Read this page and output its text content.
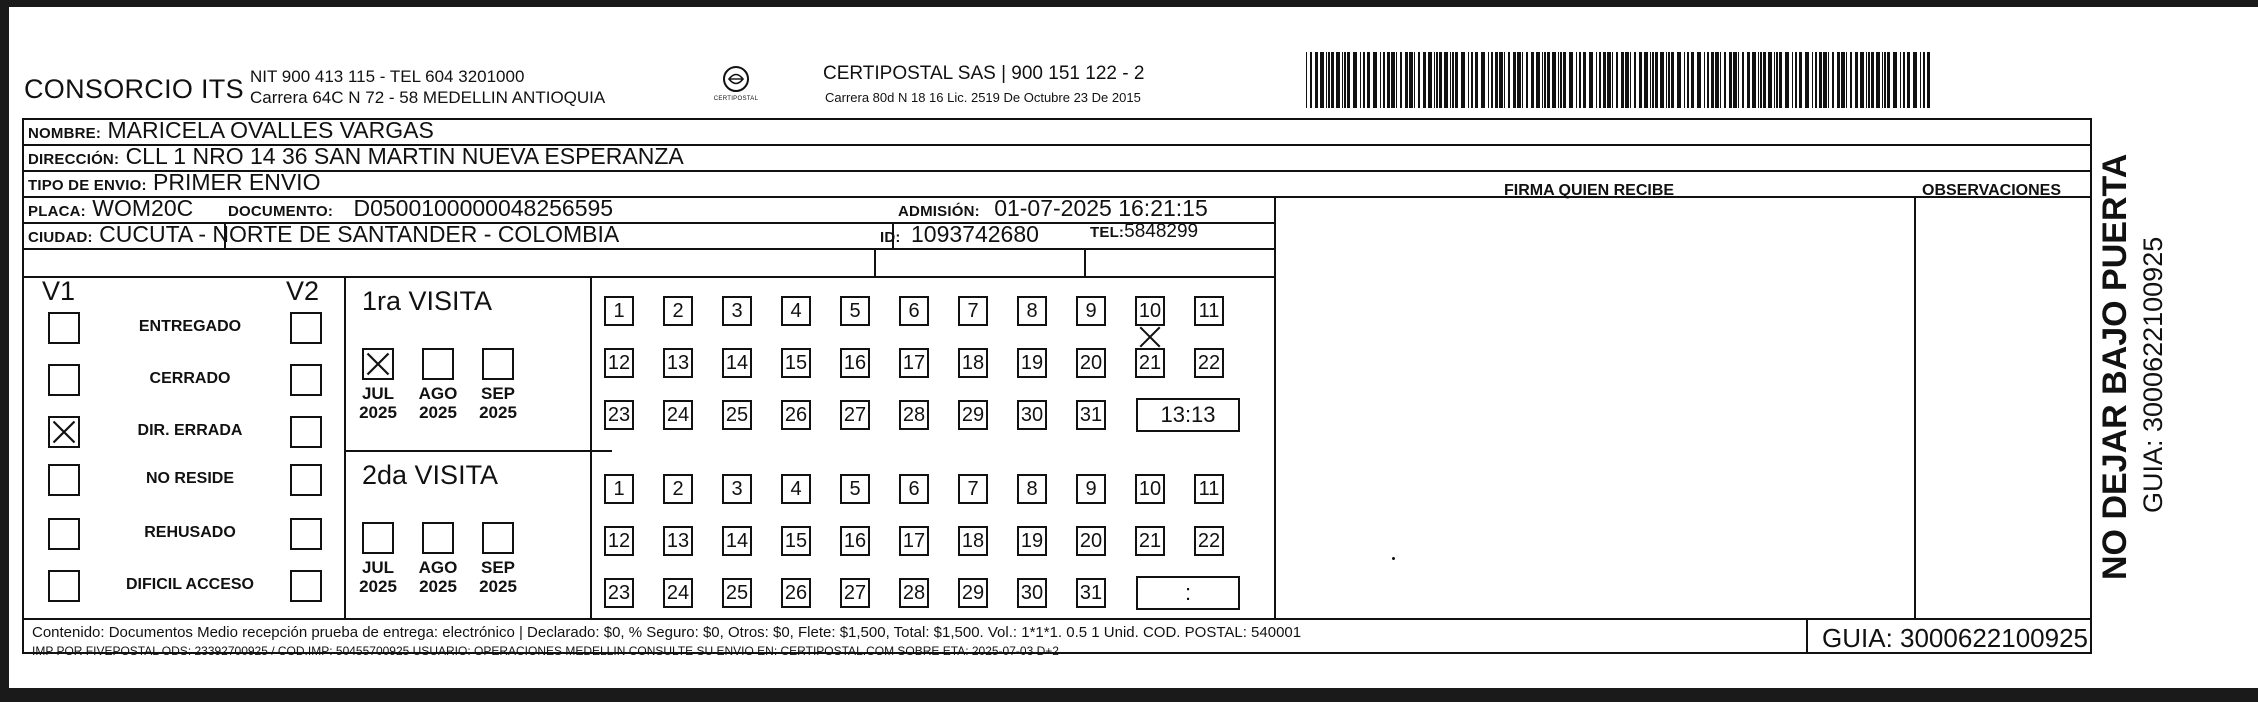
CONSORCIO ITS NIT 900 413 115 - TEL 604 3201000
Carrera 64C N 72 - 58 MEDELLIN ANTIOQUIA	CERTIPOSTAL
CERTIPOSTAL SAS | 900 151 122 - 2
Carrera 80d N 18 16 Lic. 2519 De Octubre 23 De 2015
NOMBRE: MARICELA OVALLES VARGAS
DIRECCIÓN: CLL 1 NRO 14 36 SAN MARTIN NUEVA ESPERANZA
TIPO DE ENVIO: PRIMER ENVIO
PLACA: WOM20C DOCUMENTO: D0500100000048256595	ADMISIÓN: 01-07-2025 16:21:15
CIUDAD: CUCUTA - NORTE DE SANTANDER - COLOMBIA	ID: 1093742680	TEL:5848299
FIRMA QUIEN RECIBE	OBSERVACIONES
V1	V2
ENTREGADO
CERRADO
DIR. ERRADA
NO RESIDE
REHUSADO
DIFICIL ACCESO
1ra VISITA
JUL
2025
AGO
2025
SEP
2025
1	2	3	4	5	6	7	8	9	10 11
12 13 14 15 16 17 18 19 20 21 22
23 24 25 26 27 28 29 30 31	13:13
2da VISITA
JUL
2025
AGO
2025
SEP
2025
1	2	3	4	5	6	7	8	9	10 11
12 13 14 15 16 17 18 19 20 21 22
23 24 25 26 27 28 29 30 31	:
Contenido: Documentos Medio recepción prueba de entrega: electrónico | Declarado: $0, % Seguro: $0, Otros: $0, Flete: $1,500, Total: $1,500. Vol.: 1*1*1. 0.5 1 Unid. COD. POSTAL: 540001
IMP POR FIVEPOSTAL ODS: 23392700925 / COD.IMP: 50455700925 USUARIO: OPERACIONES MEDELLIN CONSULTE SU ENVIO EN: CERTIPOSTAL.COM SOBRE ETA: 2025-07-03 D+2	GUIA: 3000622100925
NO DEJAR BAJO PUERTA GUIA: 3000622100925
